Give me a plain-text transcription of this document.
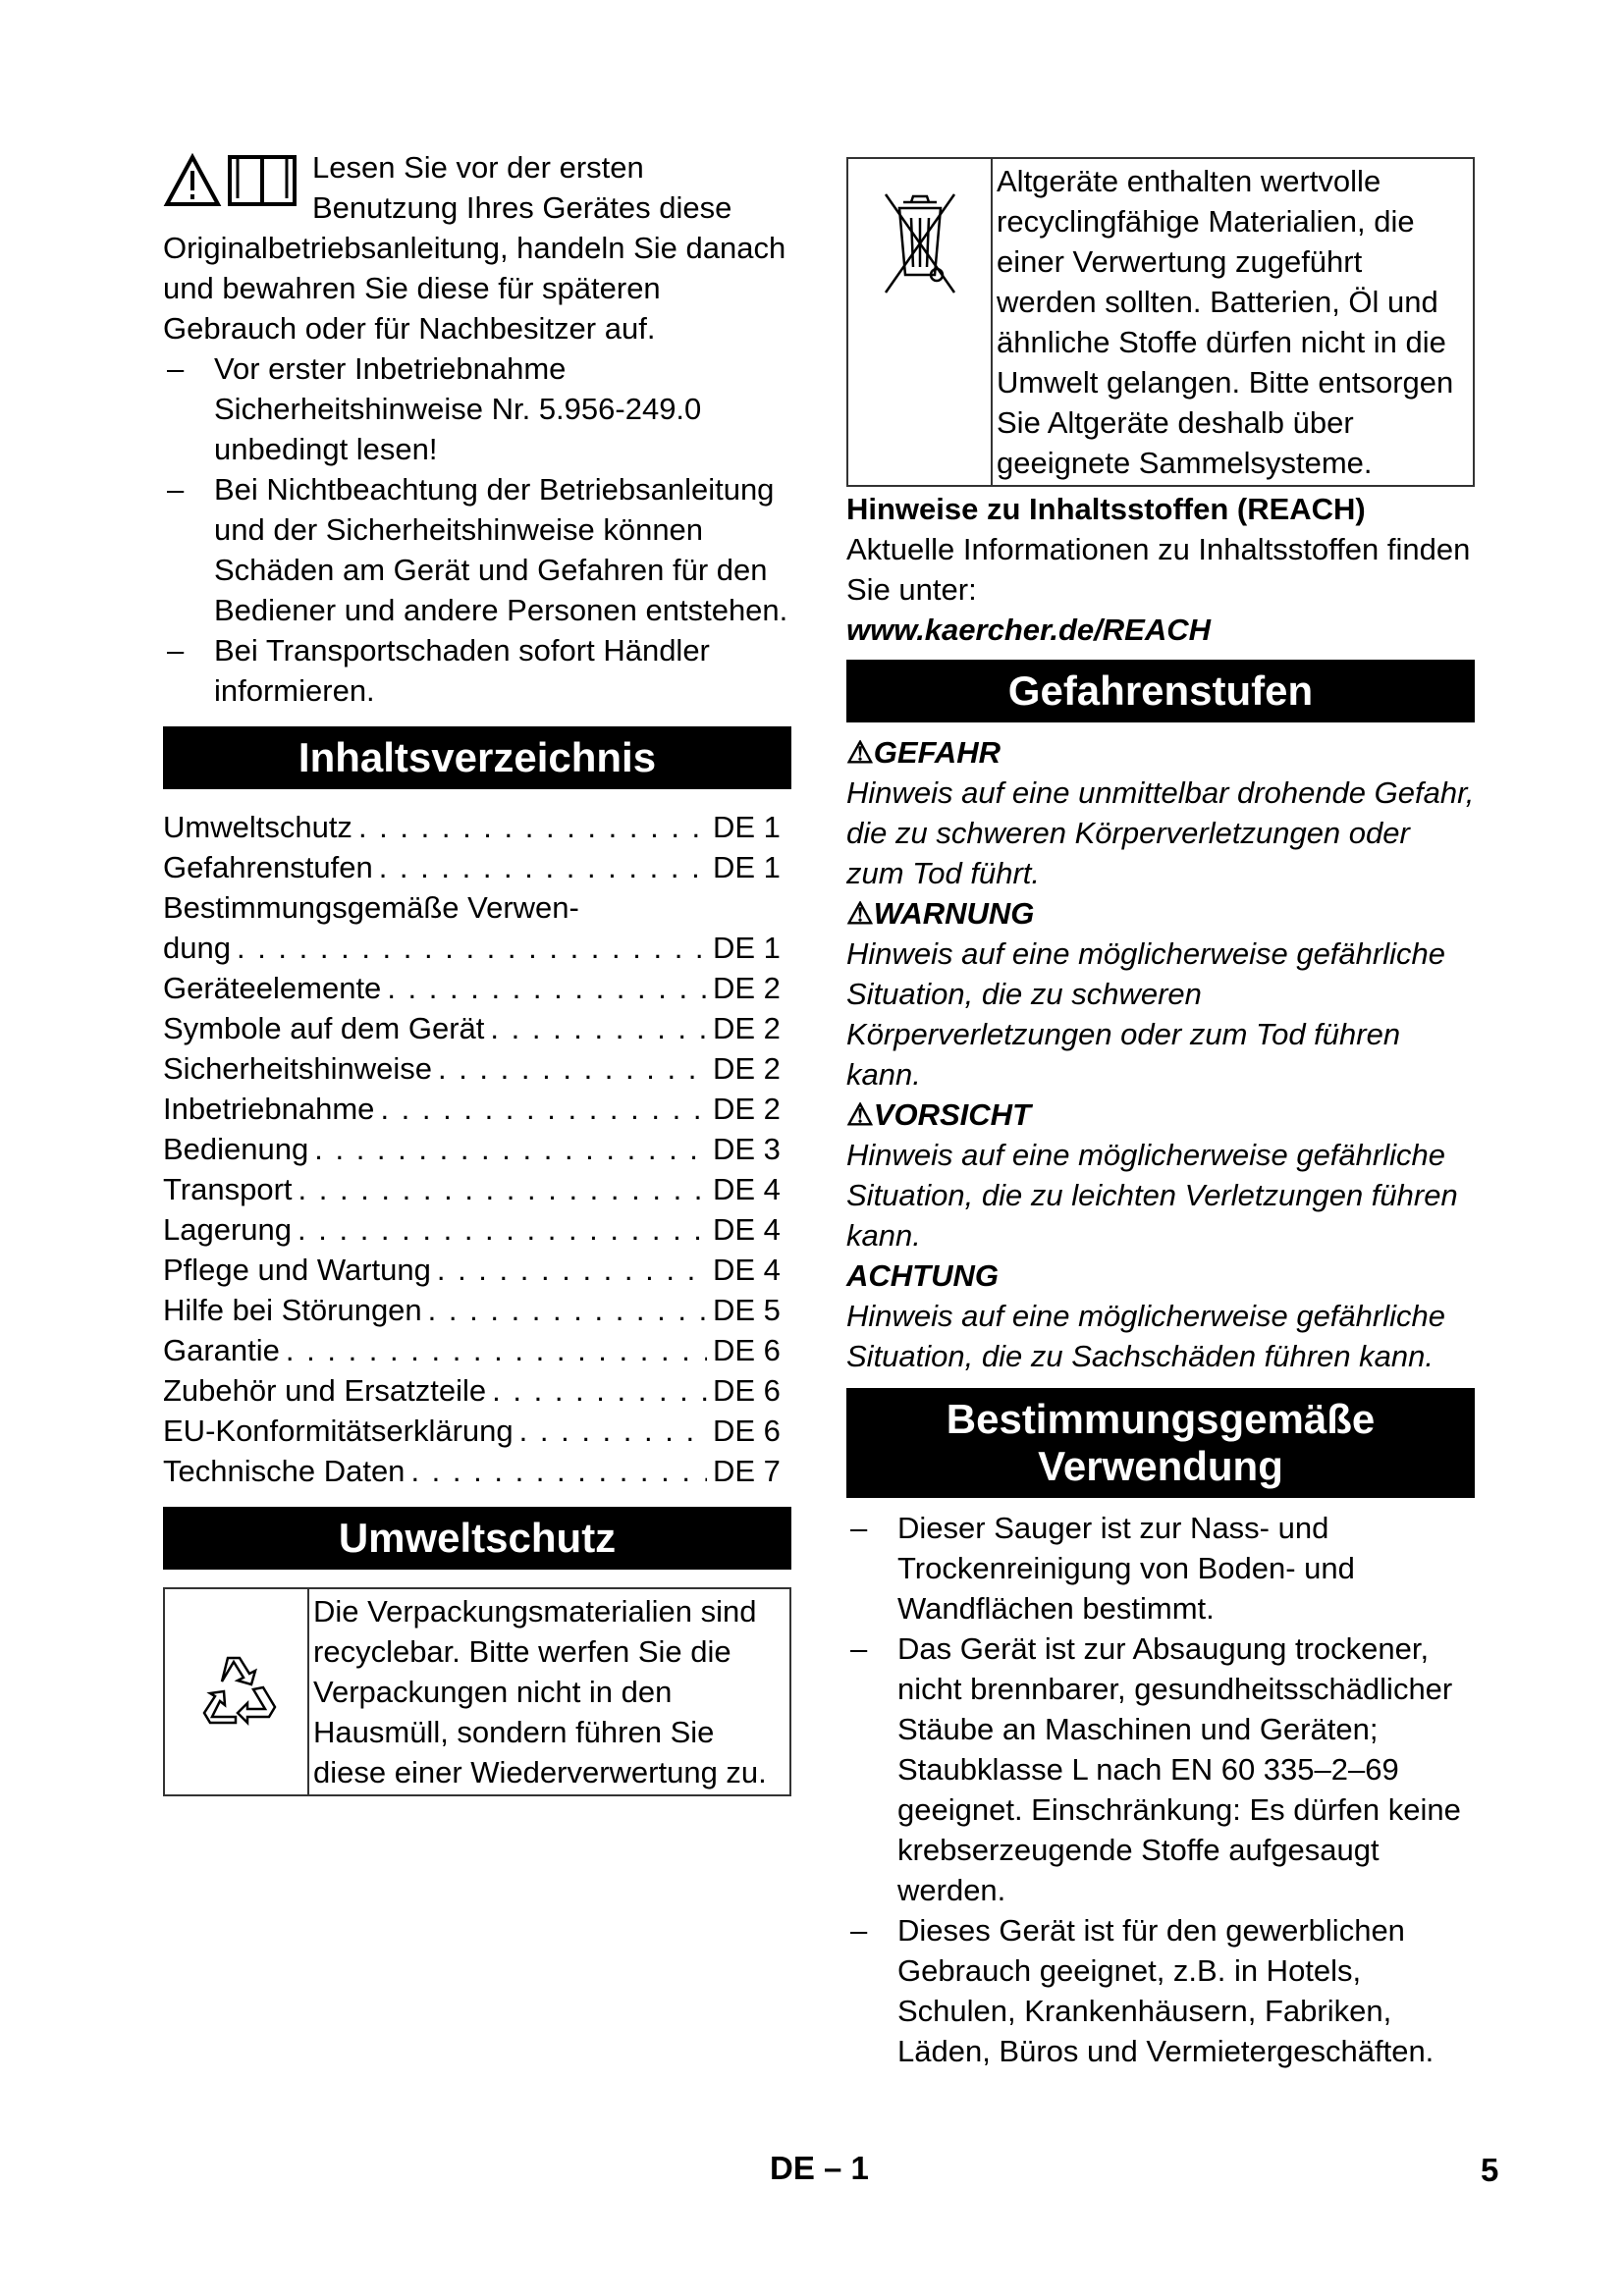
Lesen Sie vor der ersten Benutzung Ihres Gerätes diese Originalbetriebsanleitung, handeln Sie danach und bewahren Sie diese für späteren Gebrauch oder für Nachbesitzer auf.

– Vor erster Inbetriebnahme Sicherheitshinweise Nr. 5.956-249.0 unbedingt lesen!
– Bei Nichtbeachtung der Betriebsanleitung und der Sicherheitshinweise können Schäden am Gerät und Gefahren für den Bediener und andere Personen entstehen.
– Bei Transportschaden sofort Händler informieren.
Inhaltsverzeichnis
Umweltschutz . . .	DE 1
Gefahrenstufen . . .	DE 1
Bestimmungsgemäße Verwen-
dung . . .	DE 1
Geräteelemente . . .	DE 2
Symbole auf dem Gerät . . .	DE 2
Sicherheitshinweise . . .	DE 2
Inbetriebnahme . . .	DE 2
Bedienung . . .	DE 3
Transport . . .	DE 4
Lagerung . . .	DE 4
Pflege und Wartung . . .	DE 4
Hilfe bei Störungen . . .	DE 5
Garantie . . .	DE 6
Zubehör und Ersatzteile . . .	DE 6
EU-Konformitätserklärung . . .	DE 6
Technische Daten . . .	DE 7
Umweltschutz
Die Verpackungsmaterialien sind recyclebar. Bitte werfen Sie die Verpackungen nicht in den Hausmüll, sondern führen Sie diese einer Wiederverwertung zu.
Altgeräte enthalten wertvolle recyclingfähige Materialien, die einer Verwertung zugeführt werden sollten. Batterien, Öl und ähnliche Stoffe dürfen nicht in die Umwelt gelangen. Bitte entsorgen Sie Altgeräte deshalb über geeignete Sammelsysteme.
Hinweise zu Inhaltsstoffen (REACH)
Aktuelle Informationen zu Inhaltsstoffen finden Sie unter:
www.kaercher.de/REACH
Gefahrenstufen
⚠GEFAHR
Hinweis auf eine unmittelbar drohende Gefahr, die zu schweren Körperverletzungen oder zum Tod führt.
⚠WARNUNG
Hinweis auf eine möglicherweise gefährliche Situation, die zu schweren Körperverletzungen oder zum Tod führen kann.
⚠VORSICHT
Hinweis auf eine möglicherweise gefährliche Situation, die zu leichten Verletzungen führen kann.
ACHTUNG
Hinweis auf eine möglicherweise gefährliche Situation, die zu Sachschäden führen kann.
Bestimmungsgemäße
Verwendung
– Dieser Sauger ist zur Nass- und Trockenreinigung von Boden- und Wandflächen bestimmt.
– Das Gerät ist zur Absaugung trockener, nicht brennbarer, gesundheitsschädlicher Stäube an Maschinen und Geräten; Staubklasse L nach EN 60 335–2–69 geeignet. Einschränkung: Es dürfen keine krebserzeugende Stoffe aufgesaugt werden.
– Dieses Gerät ist für den gewerblichen Gebrauch geeignet, z.B. in Hotels, Schulen, Krankenhäusern, Fabriken, Läden, Büros und Vermietergeschäften.
DE – 1	5
